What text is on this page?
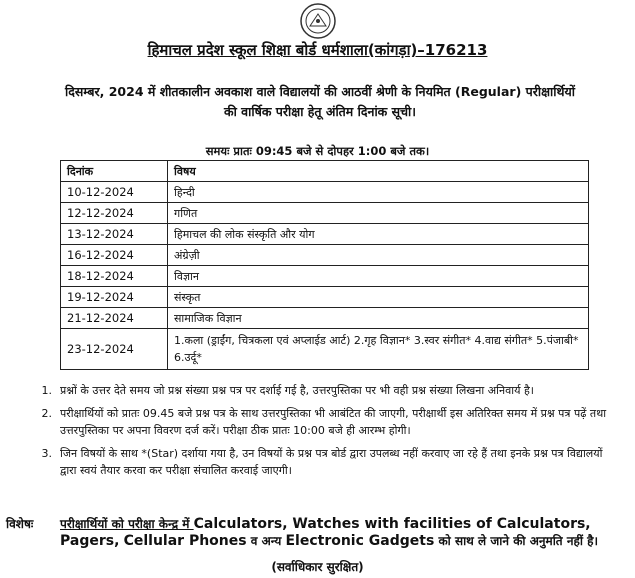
हिमाचल प्रदेश स्कूल शिक्षा बोर्ड धर्मशाला(कांगड़ा)–176213
दिसम्बर, 2024 में शीतकालीन अवकाश वाले विद्यालयों की आठवीं श्रेणी के नियमित (Regular) परीक्षार्थियों
की वार्षिक परीक्षा हेतू अंतिम दिनांक सूची।
समयः प्रातः 09:45 बजे से दोपहर 1:00 बजे तक।
दिनांक	विषय
10-12-2024	हिन्दी
12-12-2024	गणित
13-12-2024	हिमाचल की लोक संस्कृति और योग
16-12-2024	अंग्रेज़ी
18-12-2024	विज्ञान
19-12-2024	संस्कृत
21-12-2024	सामाजिक विज्ञान
23-12-2024	1.कला (ड्राईंग, चित्रकला एवं अप्लाईड आर्ट) 2.गृह विज्ञान* 3.स्वर संगीत* 4.वाद्य संगीत* 5.पंजाबी* 6.उर्दू*
1. प्रश्नों के उत्तर देते समय जो प्रश्न संख्या प्रश्न पत्र पर दर्शाई गई है, उत्तरपुस्तिका पर भी वही प्रश्न संख्या लिखना अनिवार्य है।
2. परीक्षार्थियों को प्रातः 09.45 बजे प्रश्न पत्र के साथ उत्तरपुस्तिका भी आबंटित की जाएगी, परीक्षार्थी इस अतिरिक्त समय में प्रश्न पत्र पढ़ें तथा उत्तरपुस्तिका पर अपना विवरण दर्ज करें। परीक्षा ठीक प्रातः 10:00 बजे ही आरम्भ होगी।
3. जिन विषयों के साथ *(Star) दर्शाया गया है, उन विषयों के प्रश्न पत्र बोर्ड द्वारा उपलब्ध नहीं करवाए जा रहे हैं तथा इनके प्रश्न पत्र विद्यालयों द्वारा स्वयं तैयार करवा कर परीक्षा संचालित करवाई जाएगी।
विशेषः	परीक्षार्थियों को परीक्षा केन्द्र में Calculators, Watches with facilities of Calculators, Pagers, Cellular Phones व अन्य Electronic Gadgets को साथ ले जाने की अनुमति नहीं है।
(सर्वाधिकार सुरक्षित)
